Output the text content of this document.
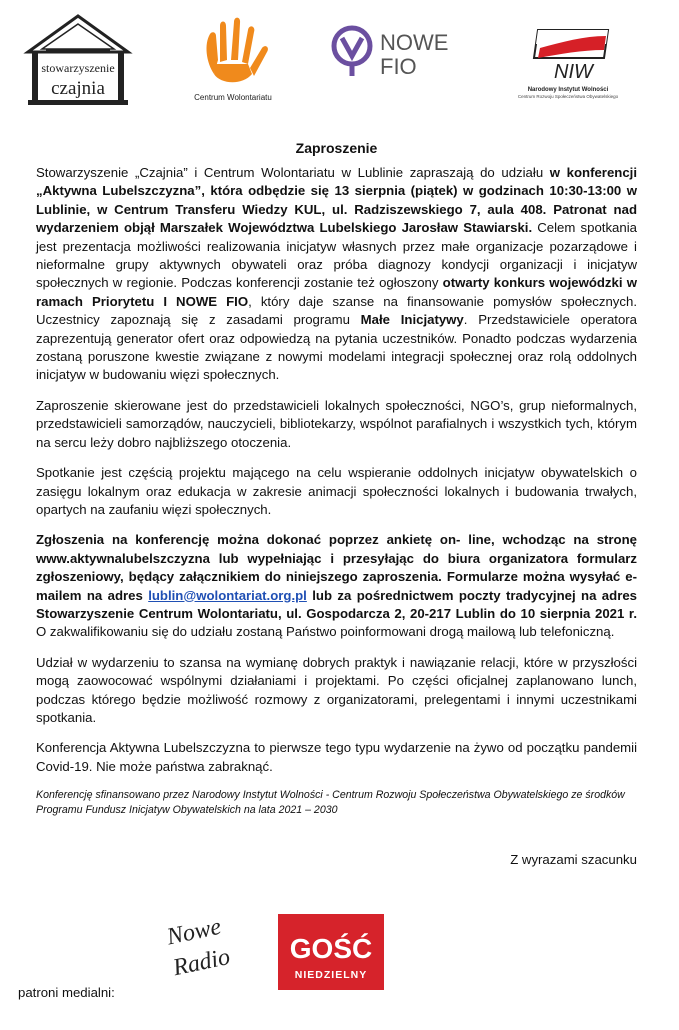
stowarzyszenie
czajnia	Centrum Wolontariatu
NOWE
FIO	NIW
Narodowy Instytut Wolności
Centrum Rozwoju Społeczeństwa Obywatelskiego
Zaproszenie

Stowarzyszenie „Czajnia” i Centrum Wolontariatu w Lublinie zapraszają do udziału w konferencji „Aktywna Lubelszczyzna”, która odbędzie się 13 sierpnia (piątek) w godzinach 10:30-13:00 w Lublinie, w Centrum Transferu Wiedzy KUL, ul. Radziszewskiego 7, aula 408. Patronat nad wydarzeniem objął Marszałek Województwa Lubelskiego Jarosław Stawiarski. Celem spotkania jest prezentacja możliwości realizowania inicjatyw własnych przez małe organizacje pozarządowe i nieformalne grupy aktywnych obywateli oraz próba diagnozy kondycji organizacji i inicjatyw społecznych w regionie. Podczas konferencji zostanie też ogłoszony otwarty konkurs wojewódzki w ramach Priorytetu I NOWE FIO, który daje szanse na finansowanie pomysłów społecznych. Uczestnicy zapoznają się z zasadami programu Małe Inicjatywy. Przedstawiciele operatora zaprezentują generator ofert oraz odpowiedzą na pytania uczestników. Ponadto podczas wydarzenia zostaną poruszone kwestie związane z nowymi modelami integracji społecznej oraz rolą oddolnych inicjatyw w budowaniu więzi społecznych.

Zaproszenie skierowane jest do przedstawicieli lokalnych społeczności, NGO’s, grup nieformalnych, przedstawicieli samorządów, nauczycieli, bibliotekarzy, wspólnot parafialnych i wszystkich tych, którym na sercu leży dobro najbliższego otoczenia.

Spotkanie jest częścią projektu mającego na celu wspieranie oddolnych inicjatyw obywatelskich o zasięgu lokalnym oraz edukacja w zakresie animacji społeczności lokalnych i budowania trwałych, opartych na zaufaniu więzi społecznych.

Zgłoszenia na konferencję można dokonać poprzez ankietę on- line, wchodząc na stronę www.aktywnalubelszczyzna lub wypełniając i przesyłając do biura organizatora formularz zgłoszeniowy, będący załącznikiem do niniejszego zaproszenia. Formularze można wysyłać e-mailem na adres lublin@wolontariat.org.pl lub za pośrednictwem poczty tradycyjnej na adres Stowarzyszenie Centrum Wolontariatu, ul. Gospodarcza 2, 20-217 Lublin do 10 sierpnia 2021 r. O zakwalifikowaniu się do udziału zostaną Państwo poinformowani drogą mailową lub telefoniczną.

Udział w wydarzeniu to szansa na wymianę dobrych praktyk i nawiązanie relacji, które w przyszłości mogą zaowocować wspólnymi działaniami i projektami. Po części oficjalnej zaplanowano lunch, podczas którego będzie możliwość rozmowy z organizatorami, prelegentami i innymi uczestnikami spotkania.

Konferencja Aktywna Lubelszczyzna to pierwsze tego typu wydarzenie na żywo od początku pandemii Covid-19. Nie może państwa zabraknąć.

Konferencję sfinansowano przez Narodowy Instytut Wolności - Centrum Rozwoju Społeczeństwa Obywatelskiego ze środków Programu Fundusz Inicjatyw Obywatelskich na lata 2021 – 2030

Z wyrazami szacunku
Nowe
Radio GOŚĆ
NIEDZIELNY
patroni medialni:
